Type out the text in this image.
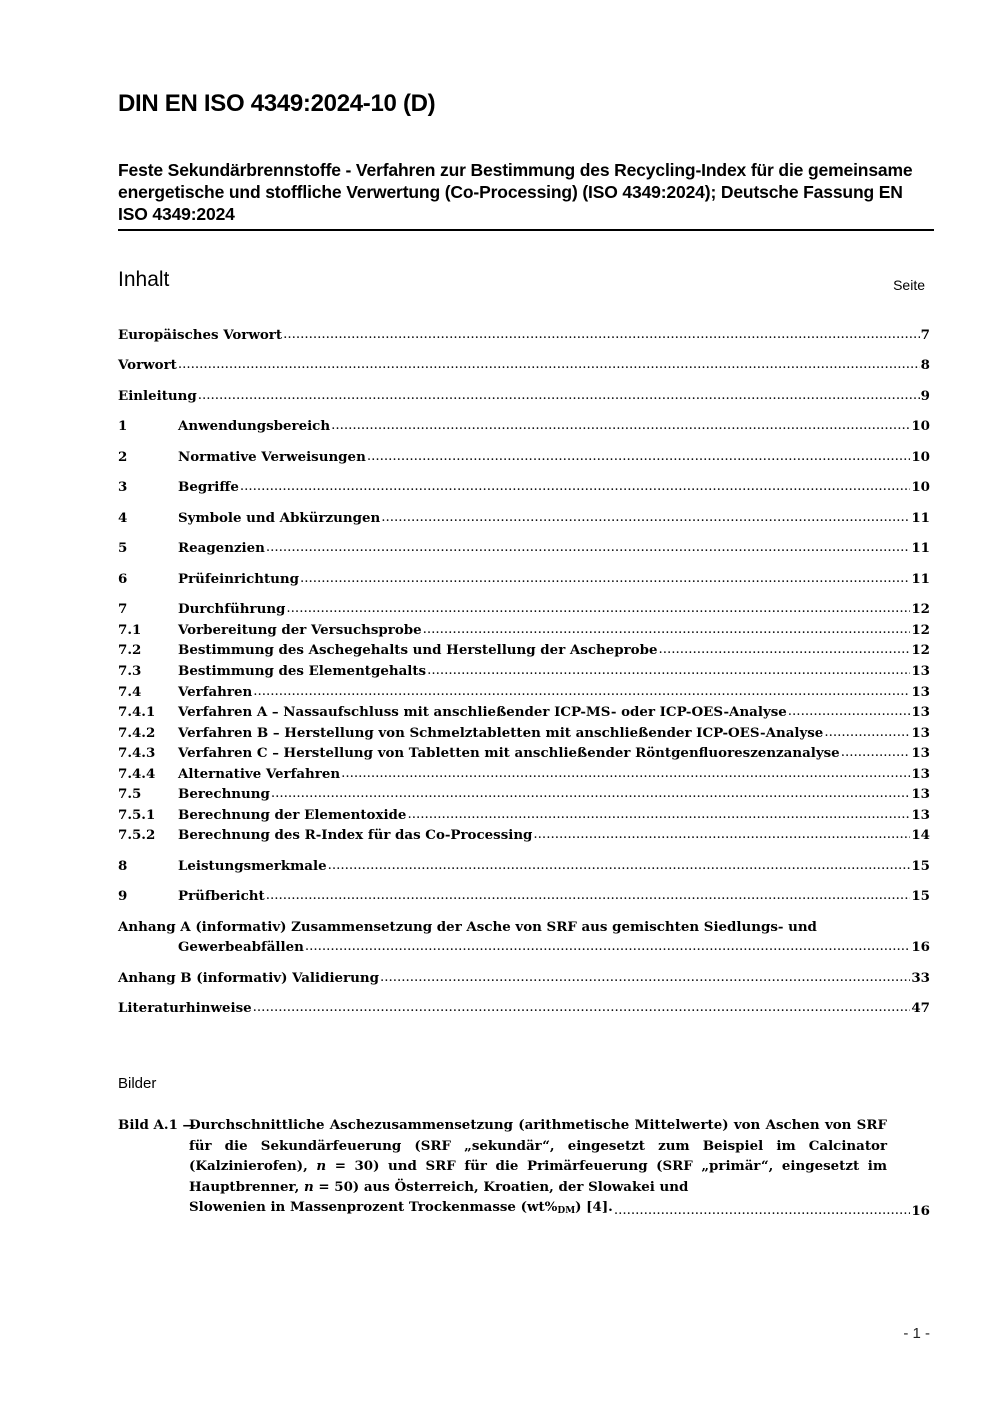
DIN EN ISO 4349:2024-10 (D)
Feste Sekundärbrennstoffe - Verfahren zur Bestimmung des Recycling-Index für die gemeinsame energetische und stoffliche Verwertung (Co-Processing) (ISO 4349:2024); Deutsche Fassung EN ISO 4349:2024
Inhalt	Seite
Europäisches Vorwort .....	7
Vorwort .....	8
Einleitung .....	9
1	Anwendungsbereich .....	10
2	Normative Verweisungen .....	10
3	Begriffe .....	10
4	Symbole und Abkürzungen .....	11
5	Reagenzien .....	11
6	Prüfeinrichtung .....	11
7	Durchführung .....	12
7.1	Vorbereitung der Versuchsprobe .....	12
7.2	Bestimmung des Aschegehalts und Herstellung der Ascheprobe .....	12
7.3	Bestimmung des Elementgehalts .....	13
7.4	Verfahren .....	13
7.4.1	Verfahren A – Nassaufschluss mit anschließender ICP-MS- oder ICP-OES-Analyse .....	13
7.4.2	Verfahren B – Herstellung von Schmelztabletten mit anschließender ICP-OES-Analyse .....	13
7.4.3	Verfahren C – Herstellung von Tabletten mit anschließender Röntgenfluoreszenzanalyse .....	13
7.4.4	Alternative Verfahren .....	13
7.5	Berechnung .....	13
7.5.1	Berechnung der Elementoxide .....	13
7.5.2	Berechnung des R-Index für das Co-Processing .....	14
8	Leistungsmerkmale .....	15
9	Prüfbericht .....	15
Anhang A (informativ) Zusammensetzung der Asche von SRF aus gemischten Siedlungs- und
Gewerbeabfällen .....	16
Anhang B (informativ) Validierung .....	33
Literaturhinweise .....	47
Bilder
Bild A.1 —
Durchschnittliche Aschezusammensetzung (arithmetische Mittelwerte) von Aschen von SRF für die Sekundärfeuerung (SRF „sekundär“, eingesetzt zum Beispiel im Calcinator (Kalzinierofen), n = 30) und SRF für die Primärfeuerung (SRF „primär“, eingesetzt im Hauptbrenner, n = 50) aus Österreich, Kroatien, der Slowakei und
Slowenien in Massenprozent Trockenmasse $(wt\%_{DM})$ [4]. .....	16
- 1 -
